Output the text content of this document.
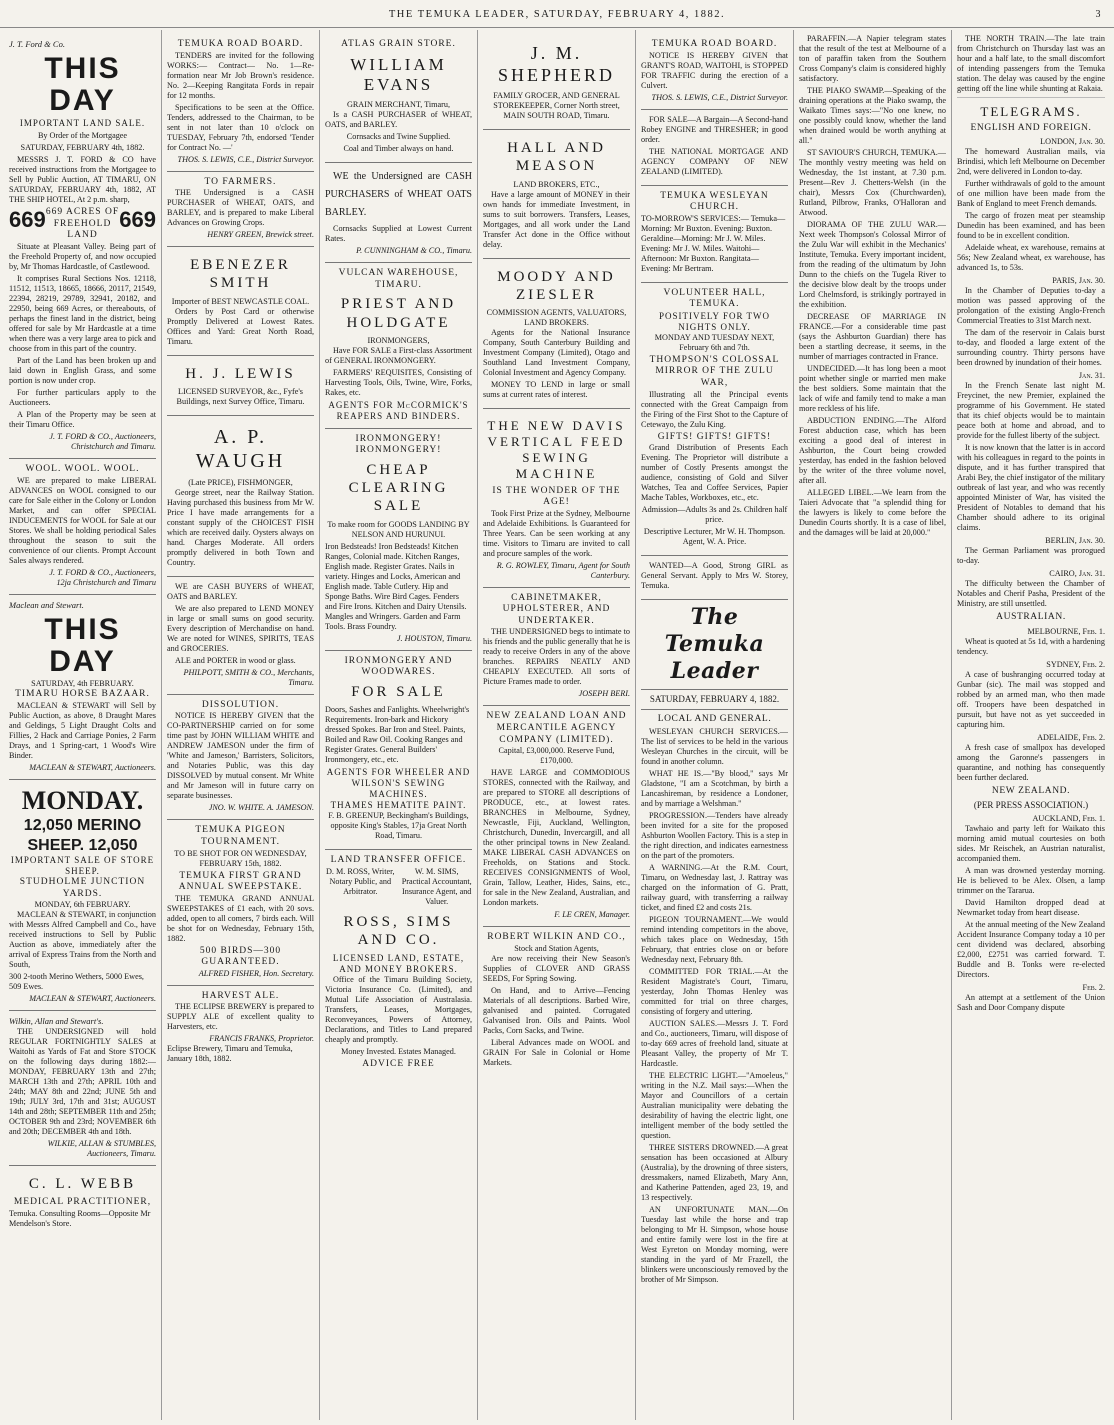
THE TEMUKA LEADER, SATURDAY, FEBRUARY 4, 1882.	3
J. T. Ford & Co.
THIS DAY
IMPORTANT LAND SALE.
By Order of the Mortgagee
SATURDAY, FEBRUARY 4th, 1882.

MESSRS J. T. FORD & CO have received instructions from the Mortgagee to Sell by Public Auction, AT TIMARU, ON SATURDAY, FEBRUARY 4th, 1882, AT THE SHIP HOTEL, At 2 p.m. sharp,

669 669 ACRES OF FREEHOLD LAND
669

Situate at Pleasant Valley. Being part of the Freehold Property of, and now occupied by, Mr Thomas Hardcastle, of Castlewood.

It comprises Rural Sections Nos. 12118, 11512, 11513, 18665, 18666, 20117, 21549, 22394, 28219, 29789, 32941, 20182, and 22950, being 669 Acres, or thereabouts, of perhaps the finest land in the district, being offered for sale by Mr Hardcastle at a time when there was a very large area to pick and choose from in this part of the country.

Part of the Land has been broken up and laid down in English Grass, and some portion is now under crop.

For further particulars apply to the Auctioneers.

A Plan of the Property may be seen at their Timaru Office.

J. T. FORD & CO., Auctioneers,
Christchurch and Timaru.
WOOL. WOOL. WOOL.

WE are prepared to make LIBERAL ADVANCES on WOOL consigned to our care for Sale either in the Colony or London Market, and can offer SPECIAL INDUCEMENTS for WOOL for Sale at our Stores. We shall be holding periodical Sales throughout the season to suit the convenience of our clients. Prompt Account Sales always rendered.

J. T. FORD & CO., Auctioneers,
12ja Christchurch and Timaru
Maclean and Stewart.
THIS DAY
SATURDAY, 4th FEBRUARY.
TIMARU HORSE BAZAAR.

MACLEAN & STEWART will Sell by Public Auction, as above, 8 Draught Mares and Geldings, 5 Light Draught Colts and Fillies, 2 Hack and Carriage Ponies, 2 Farm Drays, and 1 Spring-cart, 1 Wood's Wire Binder.

MACLEAN & STEWART, Auctioneers.
MONDAY.
12,050 MERINO SHEEP. 12,050
IMPORTANT SALE OF STORE SHEEP.
STUDHOLME JUNCTION YARDS.
MONDAY, 6th FEBRUARY.

MACLEAN & STEWART, in conjunction with Messrs Alfred Campbell and Co., have received instructions to Sell by Public Auction as above, immediately after the arrival of Express Trains from the North and South,

300 2-tooth Merino Wethers, 5000 Ewes, 509 Ewes.

MACLEAN & STEWART, Auctioneers.
Wilkin, Allan and Stewart's.

THE UNDERSIGNED will hold REGULAR FORTNIGHTLY SALES at Waitohi as Yards of Fat and Store STOCK on the following days during 1882:— MONDAY, FEBRUARY 13th and 27th; MARCH 13th and 27th; APRIL 10th and 24th; MAY 8th and 22nd; JUNE 5th and 19th; JULY 3rd, 17th and 31st; AUGUST 14th and 28th; SEPTEMBER 11th and 25th; OCTOBER 9th and 23rd; NOVEMBER 6th and 20th; DECEMBER 4th and 18th.

WILKIE, ALLAN & STUMBLES, Auctioneers, Timaru.
C. L. WEBB
MEDICAL PRACTITIONER,

Temuka. Consulting Rooms—Opposite Mr Mendelson's Store.

TEMUKA ROAD BOARD.

TENDERS are invited for the following WORKS:— Contract— No. 1—Re-formation near Mr Job Brown's residence. No. 2—Keeping Rangitata Fords in repair for 12 months.

Specifications to be seen at the Office. Tenders, addressed to the Chairman, to be sent in not later than 10 o'clock on TUESDAY, February 7th, endorsed 'Tender for Contract No. —'

THOS. S. LEWIS, C.E., District Surveyor.
TO FARMERS.

THE Undersigned is a CASH PURCHASER of WHEAT, OATS, and BARLEY, and is prepared to make Liberal Advances on Growing Crops.

HENRY GREEN, Brewick street.
EBENEZER SMITH
Importer of BEST NEWCASTLE COAL.

Orders by Post Card or otherwise Promptly Delivered at Lowest Rates. Offices and Yard: Great North Road, Timaru.

H. J. LEWIS

LICENSED SURVEYOR, &c., Fyfe's Buildings, next Survey Office, Timaru.

A. P. WAUGH
(Late PRICE), FISHMONGER,

George street, near the Railway Station. Having purchased this business from Mr W. Price I have made arrangements for a constant supply of the CHOICEST FISH which are received daily. Oysters always on hand. Charges Moderate. All orders promptly delivered in both Town and Country.

WE are CASH BUYERS of WHEAT, OATS and BARLEY.

We are also prepared to LEND MONEY in large or small sums on good security. Every description of Merchandise on hand. We are noted for WINES, SPIRITS, TEAS and GROCERIES.

ALE and PORTER in wood or glass.

PHILPOTT, SMITH & CO., Merchants, Timaru.
DISSOLUTION.

NOTICE IS HEREBY GIVEN that the CO-PARTNERSHIP carried on for some time past by JOHN WILLIAM WHITE and ANDREW JAMESON under the firm of 'White and Jameson,' Barristers, Solicitors, and Notaries Public, was this day DISSOLVED by mutual consent. Mr White and Mr Jameson will in future carry on separate businesses.

JNO. W. WHITE. A. JAMESON.
TEMUKA PIGEON TOURNAMENT.

TO BE SHOT FOR ON WEDNESDAY, FEBRUARY 15th, 1882.

TEMUKA FIRST GRAND ANNUAL SWEEPSTAKE.

THE TEMUKA GRAND ANNUAL SWEEPSTAKES of £1 each, with 20 sovs. added, open to all comers, 7 birds each. Will be shot for on Wednesday, February 15th, 1882.

500 BIRDS—300 GUARANTEED.
ALFRED FISHER, Hon. Secretary.
HARVEST ALE.

THE ECLIPSE BREWERY is prepared to SUPPLY ALE of excellent quality to Harvesters, etc.

FRANCIS FRANKS, Proprietor.

Eclipse Brewery, Timaru and Temuka, January 18th, 1882.

ATLAS GRAIN STORE.
WILLIAM EVANS
GRAIN MERCHANT, Timaru,

Is a CASH PURCHASER of WHEAT, OATS, and BARLEY.

Cornsacks and Twine Supplied.

Coal and Timber always on hand.

WE the Undersigned are CASH PURCHASERS of WHEAT OATS BARLEY.

Cornsacks Supplied at Lowest Current Rates.

P. CUNNINGHAM & CO., Timaru.
VULCAN WAREHOUSE, TIMARU.
PRIEST AND HOLDGATE
IRONMONGERS,

Have FOR SALE a First-class Assortment of GENERAL IRONMONGERY.

FARMERS' REQUISITES, Consisting of Harvesting Tools, Oils, Twine, Wire, Forks, Rakes, etc.

AGENTS FOR McCORMICK'S REAPERS AND BINDERS.
IRONMONGERY! IRONMONGERY!
CHEAP CLEARING SALE

To make room for GOODS LANDING BY NELSON AND HURUNUI.

Iron Bedsteads! Iron Bedsteads! Kitchen Ranges, Colonial made. Kitchen Ranges, English made. Register Grates. Nails in variety. Hinges and Locks, American and English made. Table Cutlery. Hip and Sponge Baths. Wire Bird Cages. Fenders and Fire Irons. Kitchen and Dairy Utensils. Mangles and Wringers. Garden and Farm Tools. Brass Foundry.

J. HOUSTON, Timaru.
IRONMONGERY AND WOODWARES.
FOR SALE

Doors, Sashes and Fanlights. Wheelwright's Requirements. Iron-bark and Hickory dressed Spokes. Bar Iron and Steel. Paints, Boiled and Raw Oil. Cooking Ranges and Register Grates. General Builders' Ironmongery, etc., etc.

AGENTS FOR WHEELER AND WILSON'S SEWING MACHINES.
THAMES HEMATITE PAINT.

F. B. GREENUP, Beckingham's Buildings, opposite King's Stables, 17ja Great North Road, Timaru.

LAND TRANSFER OFFICE.

D. M. ROSS, Writer, Notary Public, and Arbitrator.

W. M. SIMS, Practical Accountant, Insurance Agent, and Valuer.

ROSS, SIMS AND CO.
LICENSED LAND, ESTATE, AND MONEY BROKERS.

Office of the Timaru Building Society, Victoria Insurance Co. (Limited), and Mutual Life Association of Australasia. Transfers, Leases, Mortgages, Reconveyances, Powers of Attorney, Declarations, and Titles to Land prepared cheaply and promptly.

Money Invested. Estates Managed.

ADVICE FREE
J. M. SHEPHERD

FAMILY GROCER, AND GENERAL STOREKEEPER, Corner North street, MAIN SOUTH ROAD, Timaru.

HALL AND MEASON
LAND BROKERS, ETC.,

Have a large amount of MONEY in their own hands for immediate Investment, in sums to suit borrowers. Transfers, Leases, Mortgages, and all work under the Land Transfer Act done in the Office without delay.

MOODY AND ZIESLER
COMMISSION AGENTS, VALUATORS, LAND BROKERS.

Agents for the National Insurance Company, South Canterbury Building and Investment Company (Limited), Otago and Southland Land Investment Company, Colonial Investment and Agency Company.

MONEY TO LEND in large or small sums at current rates of interest.

THE NEW DAVIS VERTICAL FEED SEWING MACHINE
IS THE WONDER OF THE AGE!

Took First Prize at the Sydney, Melbourne and Adelaide Exhibitions. Is Guaranteed for Three Years. Can be seen working at any time. Visitors to Timaru are invited to call and procure samples of the work.

R. G. ROWLEY, Timaru, Agent for South Canterbury.
CABINETMAKER, UPHOLSTERER, AND UNDERTAKER.

THE UNDERSIGNED begs to intimate to his friends and the public generally that he is ready to receive Orders in any of the above branches. REPAIRS NEATLY AND CHEAPLY EXECUTED. All sorts of Picture Frames made to order.

JOSEPH BERI.
NEW ZEALAND LOAN AND MERCANTILE AGENCY COMPANY (LIMITED).

Capital, £3,000,000. Reserve Fund, £170,000.

HAVE LARGE and COMMODIOUS STORES, connected with the Railway, and are prepared to STORE all descriptions of PRODUCE, etc., at lowest rates. BRANCHES in Melbourne, Sydney, Newcastle, Fiji, Auckland, Wellington, Christchurch, Dunedin, Invercargill, and all the other principal towns in New Zealand. MAKE LIBERAL CASH ADVANCES on Freeholds, on Stations and Stock. RECEIVES CONSIGNMENTS of Wool, Grain, Tallow, Leather, Hides, Sains, etc., for sale in the New Zealand, Australian, and London markets.

F. LE CREN, Manager.
ROBERT WILKIN AND CO.,
Stock and Station Agents,

Are now receiving their New Season's Supplies of CLOVER AND GRASS SEEDS, For Spring Sowing.

On Hand, and to Arrive—Fencing Materials of all descriptions. Barbed Wire, galvanised and painted. Corrugated Galvanised Iron. Oils and Paints. Wool Packs, Corn Sacks, and Twine.

Liberal Advances made on WOOL and GRAIN For Sale in Colonial or Home Markets.

TEMUKA ROAD BOARD.

NOTICE IS HEREBY GIVEN that GRANT'S ROAD, WAITOHI, is STOPPED FOR TRAFFIC during the erection of a Culvert.

THOS. S. LEWIS, C.E., District Surveyor.

FOR SALE—A Bargain—A Second-hand Robey ENGINE and THRESHER; in good order.

THE NATIONAL MORTGAGE AND AGENCY COMPANY OF NEW ZEALAND (LIMITED).

TEMUKA WESLEYAN CHURCH.

TO-MORROW'S SERVICES:— Temuka—Morning: Mr Buxton. Evening: Buxton. Geraldine—Morning: Mr J. W. Miles. Evening: Mr J. W. Miles. Waitohi—Afternoon: Mr Buxton. Rangitata—Evening: Mr Bertram.

VOLUNTEER HALL, TEMUKA.
POSITIVELY FOR TWO NIGHTS ONLY.

MONDAY AND TUESDAY NEXT, February 6th and 7th.

THOMPSON'S COLOSSAL MIRROR OF THE ZULU WAR,

Illustrating all the Principal events connected with the Great Campaign from the Firing of the First Shot to the Capture of Cetewayo, the Zulu King.

GIFTS! GIFTS! GIFTS!

Grand Distribution of Presents Each Evening. The Proprietor will distribute a number of Costly Presents amongst the audience, consisting of Gold and Silver Watches, Tea and Coffee Services, Papier Mache Tables, Workboxes, etc., etc.

Admission—Adults 3s and 2s. Children half price.

Descriptive Lecturer, Mr W. H. Thompson. Agent, W. A. Price.

WANTED—A Good, Strong GIRL as General Servant. Apply to Mrs W. Storey, Temuka.

The Temuka Leader
SATURDAY, FEBRUARY 4, 1882.
LOCAL AND GENERAL.

WESLEYAN CHURCH SERVICES.—The list of services to be held in the various Wesleyan Churches in the circuit, will be found in another column.

WHAT HE IS.—"By blood," says Mr Gladstone, "I am a Scotchman, by birth a Lancashireman, by residence a Londoner, and by marriage a Welshman."

PROGRESSION.—Tenders have already been invited for a site for the proposed Ashburton Woollen Factory. This is a step in the right direction, and indicates earnestness on the part of the promoters.

A WARNING.—At the R.M. Court, Timaru, on Wednesday last, J. Rattray was charged on the information of G. Pratt, railway guard, with transferring a railway ticket, and fined £2 and costs 21s.

PIGEON TOURNAMENT.—We would remind intending competitors in the above, which takes place on Wednesday, 15th February, that entries close on or before Wednesday next, February 8th.

COMMITTED FOR TRIAL.—At the Resident Magistrate's Court, Timaru, yesterday, John Thomas Henley was committed for trial on three charges, consisting of forgery and uttering.

AUCTION SALES.—Messrs J. T. Ford and Co., auctioneers, Timaru, will dispose of to-day 669 acres of freehold land, situate at Pleasant Valley, the property of Mr T. Hardcastle.

THE ELECTRIC LIGHT.—"Amoeleus," writing in the N.Z. Mail says:—When the Mayor and Councillors of a certain Australian municipality were debating the desirability of having the electric light, one intelligent member of the body settled the question.

THREE SISTERS DROWNED.—A great sensation has been occasioned at Albury (Australia), by the drowning of three sisters, dressmakers, named Elizabeth, Mary Ann, and Katherine Pattenden, aged 23, 19, and 13 respectively.

AN UNFORTUNATE MAN.—On Tuesday last while the horse and trap belonging to Mr H. Simpson, whose house and entire family were lost in the fire at West Eyreton on Monday morning, were standing in the yard of Mr Frazell, the blinkers were unconsciously removed by the brother of Mr Simpson.

PARAFFIN.—A Napier telegram states that the result of the test at Melbourne of a ton of paraffin taken from the Southern Cross Company's claim is considered highly satisfactory.

THE PIAKO SWAMP.—Speaking of the draining operations at the Piako swamp, the Waikato Times says:—"No one knew, no one possibly could know, whether the land when drained would be worth anything at all."

ST SAVIOUR'S CHURCH, TEMUKA.—The monthly vestry meeting was held on Wednesday, the 1st instant, at 7.30 p.m. Present—Rev J. Chetters-Welsh (in the chair), Messrs Cox (Churchwarden), Rutland, Pilbrow, Franks, O'Halloran and Atwood.

DIORAMA OF THE ZULU WAR.—Next week Thompson's Colossal Mirror of the Zulu War will exhibit in the Mechanics' Institute, Temuka. Every important incident, from the reading of the ultimatum by John Dunn to the chiefs on the Tugela River to the decisive blow dealt by the troops under Lord Chelmsford, is strikingly portrayed in the exhibition.

DECREASE OF MARRIAGE IN FRANCE.—For a considerable time past (says the Ashburton Guardian) there has been a startling decrease, it seems, in the number of marriages contracted in France.

UNDECIDED.—It has long been a moot point whether single or married men make the best soldiers. Some maintain that the lack of wife and family tend to make a man more reckless of his life.

ABDUCTION ENDING.—The Alford Forest abduction case, which has been exciting a good deal of interest in Ashburton, the Court being crowded yesterday, has ended in the fashion beloved by the writer of the three volume novel, after all.

ALLEGED LIBEL.—We learn from the Taieri Advocate that "a splendid thing for the lawyers is likely to come before the Dunedin Courts shortly. It is a case of libel, and the damages will be laid at 20,000."

THE NORTH TRAIN.—The late train from Christchurch on Thursday last was an hour and a half late, to the small discomfort of intending passengers from the Temuka station. The delay was caused by the engine getting off the line while shunting at Rakaia.

TELEGRAMS.
ENGLISH AND FOREIGN.
LONDON, Jan. 30.

The homeward Australian mails, via Brindisi, which left Melbourne on December 2nd, were delivered in London to-day.

Further withdrawals of gold to the amount of one million have been made from the Bank of England to meet French demands.

The cargo of frozen meat per steamship Dunedin has been examined, and has been found to be in excellent condition.

Adelaide wheat, ex warehouse, remains at 56s; New Zealand wheat, ex warehouse, has advanced 1s, to 53s.

PARIS, Jan. 30.

In the Chamber of Deputies to-day a motion was passed approving of the prolongation of the existing Anglo-French Commercial Treaties to 31st March next.

The dam of the reservoir in Calais burst to-day, and flooded a large extent of the surrounding country. Thirty persons have been drowned by inundation of their homes.

Jan. 31.

In the French Senate last night M. Freycinet, the new Premier, explained the programme of his Government. He stated that its chief objects would be to maintain peace both at home and abroad, and to provide for the fullest liberty of the subject.

It is now known that the latter is in accord with his colleagues in regard to the points in dispute, and it has further transpired that Arabi Bey, the chief instigator of the military outbreak of last year, and who was recently appointed Minister of War, has visited the President of Notables to demand that his Chamber should adhere to its original claims.

BERLIN, Jan. 30.

The German Parliament was prorogued to-day.

CAIRO, Jan. 31.

The difficulty between the Chamber of Notables and Cherif Pasha, President of the Ministry, are still unsettled.

AUSTRALIAN.
MELBOURNE, Feb. 1.

Wheat is quoted at 5s 1d, with a hardening tendency.

SYDNEY, Feb. 2.

A case of bushranging occurred today at Gunbar (sic). The mail was stopped and robbed by an armed man, who then made off. Troopers have been despatched in pursuit, but have not as yet succeeded in capturing him.

ADELAIDE, Feb. 2.

A fresh case of smallpox has developed among the Garonne's passengers in quarantine, and nothing has consequently been further declared.

NEW ZEALAND.
(PER PRESS ASSOCIATION.)
AUCKLAND, Feb. 1.

Tawhaio and party left for Waikato this morning amid mutual courtesies on both sides. Mr Reischek, an Austrian naturalist, accompanied them.

A man was drowned yesterday morning. He is believed to be Alex. Olsen, a lamp trimmer on the Tararua.

David Hamilton dropped dead at Newmarket today from heart disease.

At the annual meeting of the New Zealand Accident Insurance Company today a 10 per cent dividend was declared, absorbing £2,000, £2751 was carried forward. T. Buddle and B. Tonks were re-elected Directors.

Feb. 2.

An attempt at a settlement of the Union Sash and Door Company dispute
